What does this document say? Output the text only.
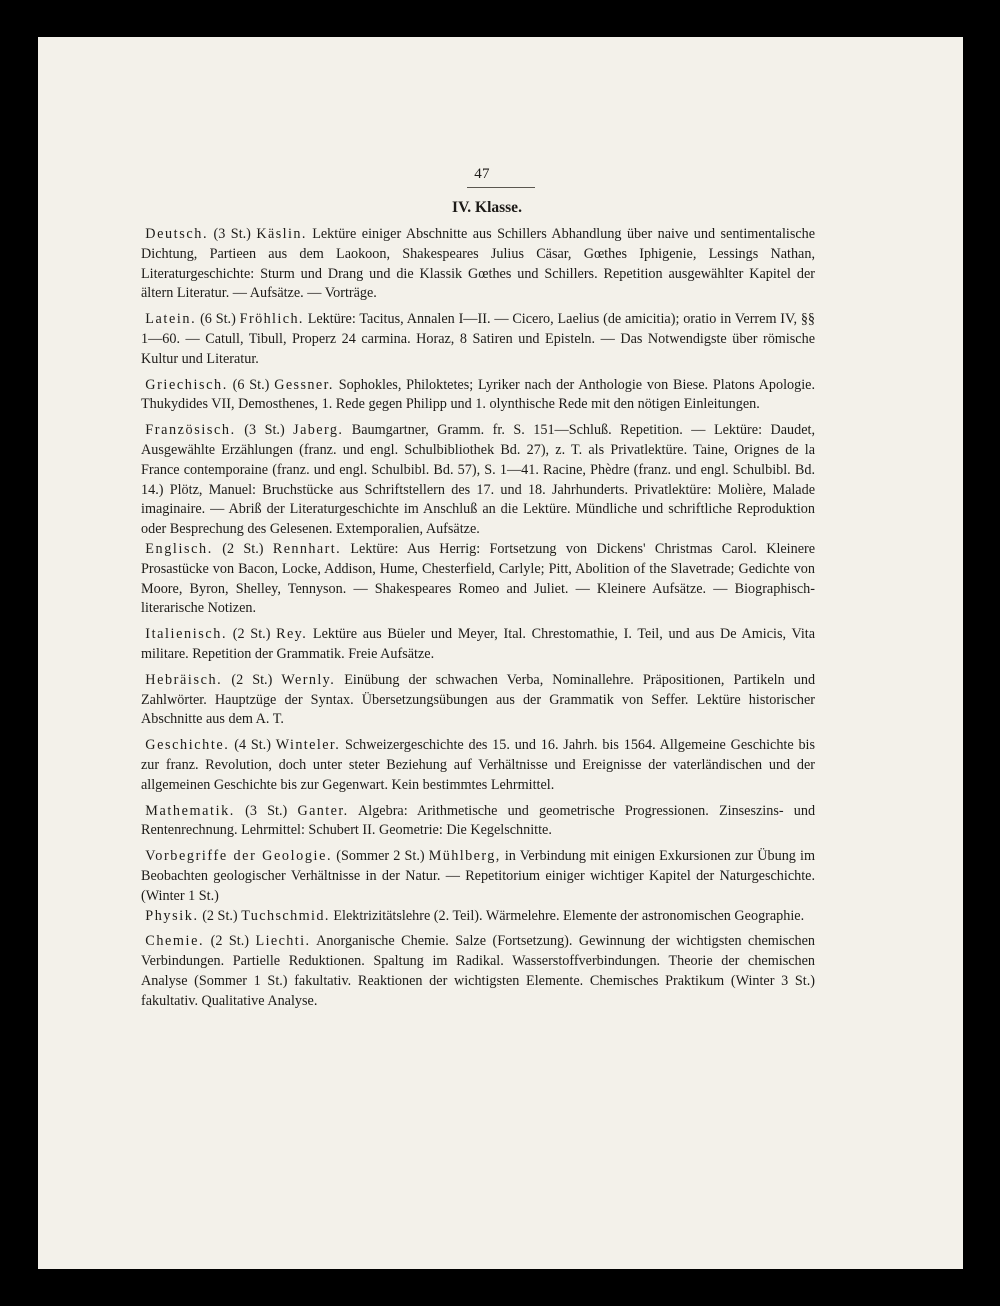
47
IV. Klasse.

Deutsch. (3 St.) Käslin. Lektüre einiger Abschnitte aus Schillers Abhandlung über naive und sentimentalische Dichtung, Partieen aus dem Laokoon, Shakespeares Julius Cäsar, Gœthes Iphigenie, Lessings Nathan, Literaturgeschichte: Sturm und Drang und die Klassik Gœthes und Schillers. Repetition ausgewählter Kapitel der ältern Literatur. — Aufsätze. — Vorträge.

Latein. (6 St.) Fröhlich. Lektüre: Tacitus, Annalen I—II. — Cicero, Laelius (de amicitia); oratio in Verrem IV, §§ 1—60. — Catull, Tibull, Properz 24 carmina. Horaz, 8 Satiren und Episteln. — Das Notwendigste über römische Kultur und Literatur.

Griechisch. (6 St.) Gessner. Sophokles, Philoktetes; Lyriker nach der Anthologie von Biese. Platons Apologie. Thukydides VII, Demosthenes, 1. Rede gegen Philipp und 1. olynthische Rede mit den nötigen Einleitungen.

Französisch. (3 St.) Jaberg. Baumgartner, Gramm. fr. S. 151—Schluß. Repetition. — Lektüre: Daudet, Ausgewählte Erzählungen (franz. und engl. Schulbibliothek Bd. 27), z. T. als Privatlektüre. Taine, Orignes de la France contemporaine (franz. und engl. Schulbibl. Bd. 57), S. 1—41. Racine, Phèdre (franz. und engl. Schulbibl. Bd. 14.) Plötz, Manuel: Bruchstücke aus Schriftstellern des 17. und 18. Jahrhunderts. Privatlektüre: Molière, Malade imaginaire. — Abriß der Literaturgeschichte im Anschluß an die Lektüre. Mündliche und schriftliche Reproduktion oder Besprechung des Gelesenen. Extemporalien, Aufsätze.

Englisch. (2 St.) Rennhart. Lektüre: Aus Herrig: Fortsetzung von Dickens' Christmas Carol. Kleinere Prosastücke von Bacon, Locke, Addison, Hume, Chesterfield, Carlyle; Pitt, Abolition of the Slavetrade; Gedichte von Moore, Byron, Shelley, Tennyson. — Shakespeares Romeo and Juliet. — Kleinere Aufsätze. — Biographisch-literarische Notizen.

Italienisch. (2 St.) Rey. Lektüre aus Büeler und Meyer, Ital. Chrestomathie, I. Teil, und aus De Amicis, Vita militare. Repetition der Grammatik. Freie Aufsätze.

Hebräisch. (2 St.) Wernly. Einübung der schwachen Verba, Nominallehre. Präpositionen, Partikeln und Zahlwörter. Hauptzüge der Syntax. Übersetzungsübungen aus der Grammatik von Seffer. Lektüre historischer Abschnitte aus dem A. T.

Geschichte. (4 St.) Winteler. Schweizergeschichte des 15. und 16. Jahrh. bis 1564. Allgemeine Geschichte bis zur franz. Revolution, doch unter steter Beziehung auf Verhältnisse und Ereignisse der vaterländischen und der allgemeinen Geschichte bis zur Gegenwart. Kein bestimmtes Lehrmittel.

Mathematik. (3 St.) Ganter. Algebra: Arithmetische und geometrische Progressionen. Zinseszins- und Rentenrechnung. Lehrmittel: Schubert II. Geometrie: Die Kegelschnitte.

Vorbegriffe der Geologie. (Sommer 2 St.) Mühlberg, in Verbindung mit einigen Exkursionen zur Übung im Beobachten geologischer Verhältnisse in der Natur. — Repetitorium einiger wichtiger Kapitel der Naturgeschichte. (Winter 1 St.)

Physik. (2 St.) Tuchschmid. Elektrizitätslehre (2. Teil). Wärmelehre. Elemente der astronomischen Geographie.

Chemie. (2 St.) Liechti. Anorganische Chemie. Salze (Fortsetzung). Gewinnung der wichtigsten chemischen Verbindungen. Partielle Reduktionen. Spaltung im Radikal. Wasserstoffverbindungen. Theorie der chemischen Analyse (Sommer 1 St.) fakultativ. Reaktionen der wichtigsten Elemente. Chemisches Praktikum (Winter 3 St.) fakultativ. Qualitative Analyse.
